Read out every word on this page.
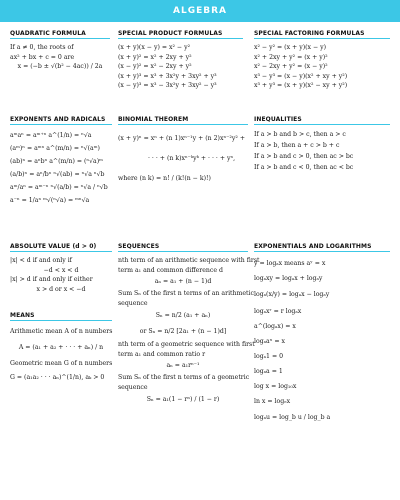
ALGEBRA
QUADRATIC FORMULA
If a ≠ 0, the roots of
ax² + bx + c = 0 are
x = (−b ± √(b² − 4ac)) / 2a
SPECIAL PRODUCT FORMULAS
(x + y)(x − y) = x² − y²
(x + y)² = x² + 2xy + y²
(x − y)² = x² − 2xy + y²
(x + y)³ = x³ + 3x²y + 3xy² + y³
(x − y)³ = x³ − 3x²y + 3xy² − y³
SPECIAL FACTORING FORMULAS
x² − y² = (x + y)(x − y)
x² + 2xy + y² = (x + y)²
x² − 2xy + y² = (x − y)²
x³ − y³ = (x − y)(x² + xy + y²)
x³ + y³ = (x + y)(x² − xy + y²)
EXPONENTS AND RADICALS
aᵐaⁿ = aᵐ⁺ⁿ a^(1/n) = ⁿ√a
(aᵐ)ⁿ = aᵐⁿ a^(m/n) = ⁿ√(aᵐ)
(ab)ⁿ = aⁿbⁿ a^(m/n) = (ⁿ√a)ᵐ
(a/b)ⁿ = aⁿ/bⁿ ⁿ√(ab) = ⁿ√a ⁿ√b
aᵐ/aⁿ = aᵐ⁻ⁿ ⁿ√(a/b) = ⁿ√a / ⁿ√b
a⁻ⁿ = 1/aⁿ ᵐ√(ⁿ√a) = ᵐⁿ√a
BINOMIAL THEOREM
(x + y)ⁿ = xⁿ + (n 1)xⁿ⁻¹y + (n 2)xⁿ⁻²y² +
· · · + (n k)xⁿ⁻ᵏyᵏ + · · · + yⁿ,
where (n k) = n! / (k!(n − k)!)
INEQUALITIES
If a > b and b > c, then a > c
If a > b, then a + c > b + c
If a > b and c > 0, then ac > bc
If a > b and c < 0, then ac < bc
ABSOLUTE VALUE (d > 0)
|x| < d if and only if
−d < x < d
|x| > d if and only if either
x > d or x < −d
MEANS
Arithmetic mean A of n numbers
A = (a₁ + a₂ + · · · + aₙ) / n
Geometric mean G of n numbers
G = (a₁a₂ · · · aₙ)^(1/n), aₖ > 0
SEQUENCES
nth term of an arithmetic sequence with first
term a₁ and common difference d
aₙ = a₁ + (n − 1)d
Sum Sₙ of the first n terms of an arithmetic
sequence
Sₙ = n/2 (a₁ + aₙ)
or Sₙ = n/2 [2a₁ + (n − 1)d]
nth term of a geometric sequence with first
term a₁ and common ratio r
aₙ = a₁rⁿ⁻¹
Sum Sₙ of the first n terms of a geometric
sequence
Sₙ = a₁(1 − rⁿ) / (1 − r)
EXPONENTIALS AND LOGARITHMS
y = logₐx means aʸ = x
logₐxy = logₐx + logₐy
logₐ(x/y) = logₐx − logₐy
logₐxʳ = r logₐx
a^(logₐx) = x
logₐaˣ = x
logₐ1 = 0
logₐa = 1
log x = log₁₀x
ln x = logₑx
logₐu = log_b u / log_b a
